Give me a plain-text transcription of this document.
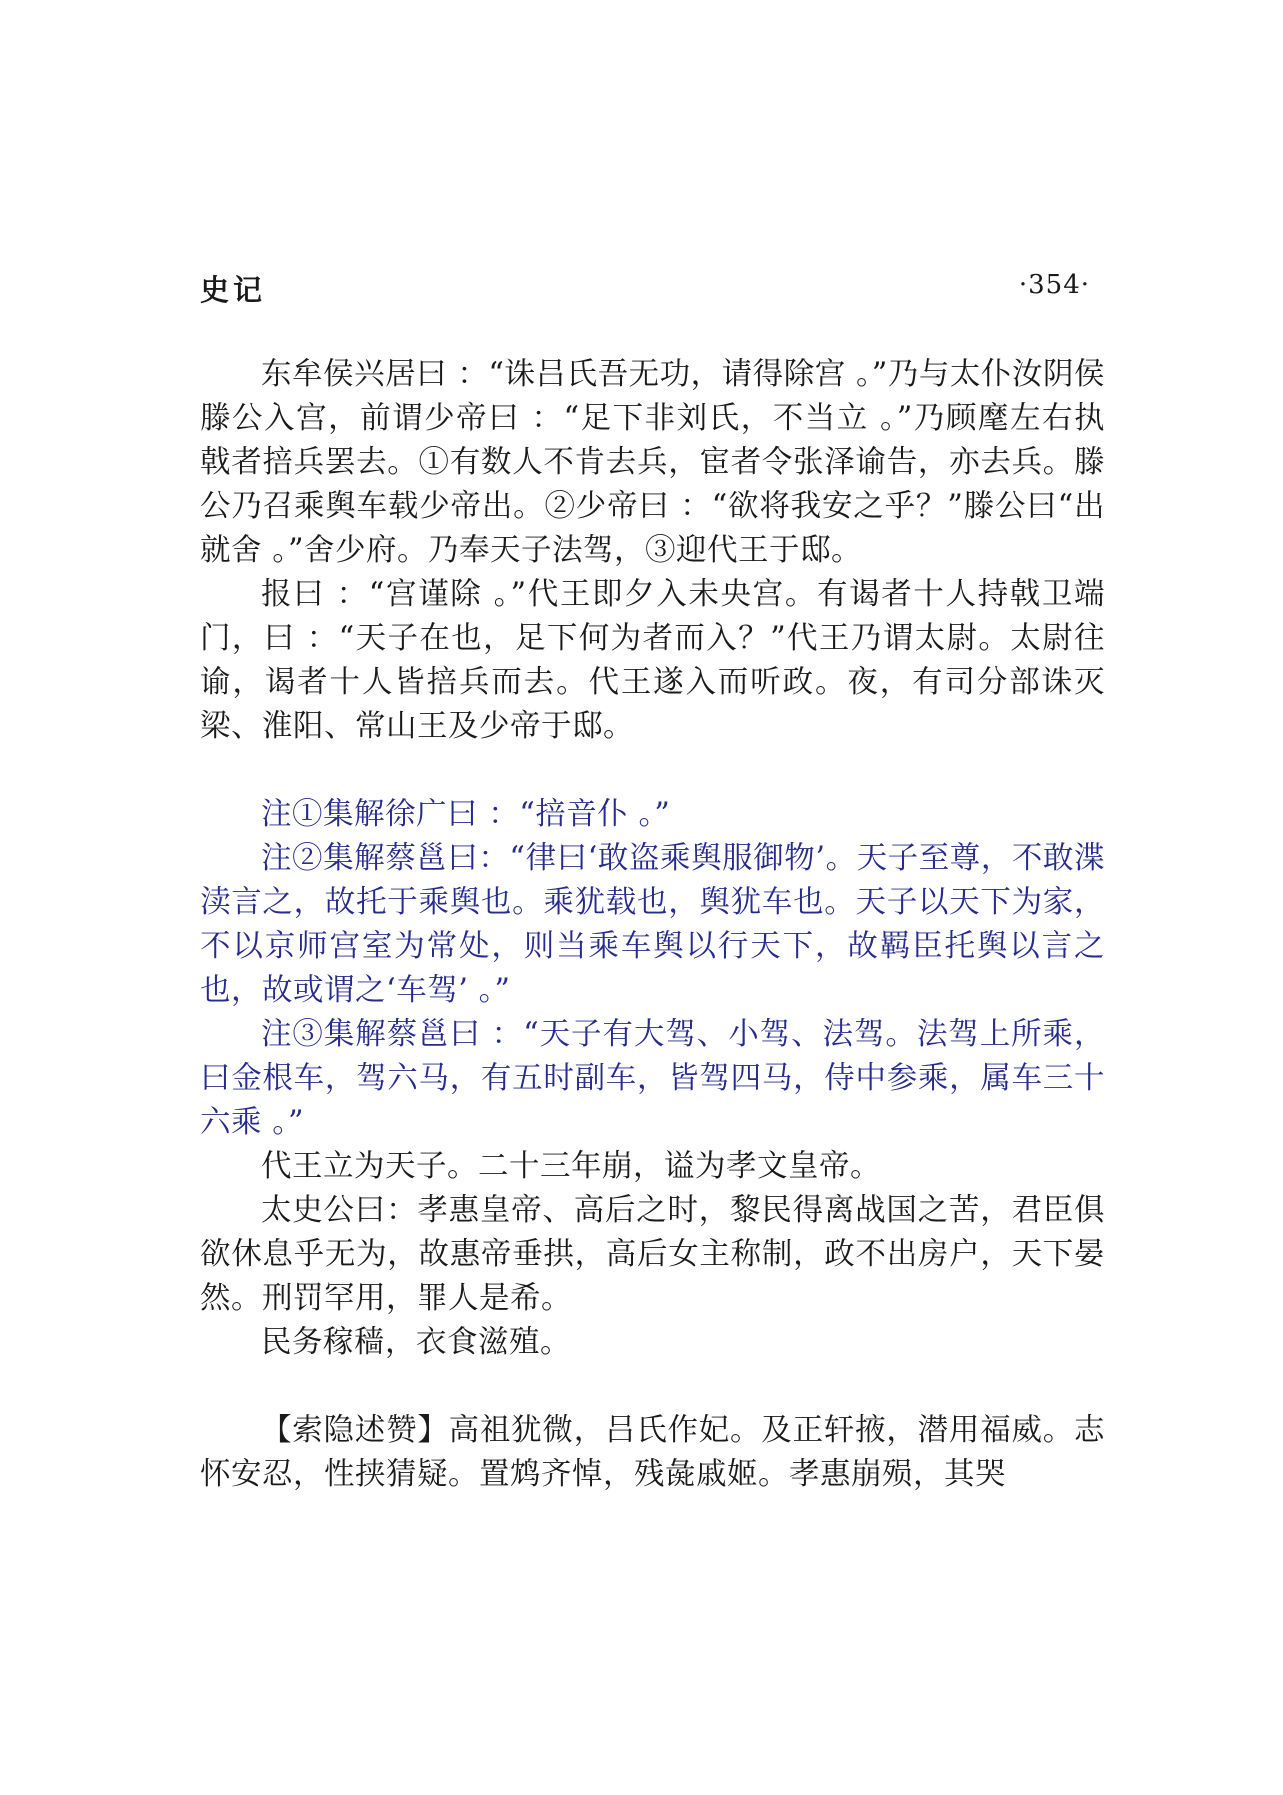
史记	·354·

东牟侯兴居曰 ：“诛吕氏吾无功，请得除宫 。”乃与太仆汝阴侯滕公入宫，前谓少帝曰 ：“足下非刘氏，不当立 。”乃顾麾左右执戟者掊兵罢去。①有数人不肯去兵，宦者令张泽谕告，亦去兵。滕公乃召乘舆车载少帝出。②少帝曰 ：“欲将我安之乎？”滕公曰“出就舍 。”舍少府。乃奉天子法驾，③迎代王于邸。

报曰 ：“宫谨除 。”代王即夕入未央宫。有谒者十人持戟卫端门，曰 ：“天子在也，足下何为者而入？”代王乃谓太尉。太尉往谕，谒者十人皆掊兵而去。代王遂入而听政。夜，有司分部诛灭梁、淮阳、常山王及少帝于邸。

注①集解徐广曰 ：“掊音仆 。”

注②集解蔡邕曰：“律曰‘敢盗乘舆服御物’。天子至尊，不敢渫渎言之，故托于乘舆也。乘犹载也，舆犹车也。天子以天下为家，不以京师宫室为常处，则当乘车舆以行天下，故羁臣托舆以言之也，故或谓之‘车驾’ 。”

注③集解蔡邕曰 ：“天子有大驾、小驾、法驾。法驾上所乘，曰金根车，驾六马，有五时副车，皆驾四马，侍中参乘，属车三十六乘 。”

代王立为天子。二十三年崩，谥为孝文皇帝。

太史公曰：孝惠皇帝、高后之时，黎民得离战国之苦，君臣俱欲休息乎无为，故惠帝垂拱，高后女主称制，政不出房户，天下晏然。刑罚罕用，罪人是希。

民务稼穑，衣食滋殖。

【索隐述赞】高祖犹微，吕氏作妃。及正轩掖，潜用福威。志怀安忍，性挟猜疑。置鸩齐悼，残彘戚姬。孝惠崩殒，其哭
